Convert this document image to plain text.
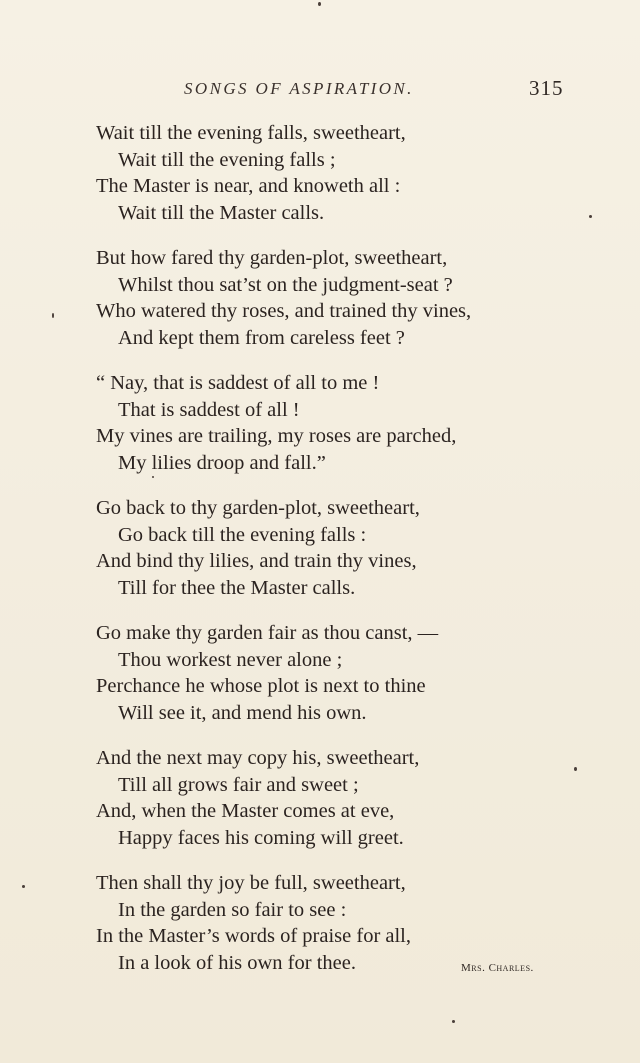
SONGS OF ASPIRATION.	315
Wait till the evening falls, sweetheart,
Wait till the evening falls ;
The Master is near, and knoweth all :
Wait till the Master calls.
But how fared thy garden-plot, sweetheart,
Whilst thou sat’st on the judgment-seat ?
Who watered thy roses, and trained thy vines,
And kept them from careless feet ?
“ Nay, that is saddest of all to me !
That is saddest of all !
My vines are trailing, my roses are parched,
My lilies droop and fall.”
Go back to thy garden-plot, sweetheart,
Go back till the evening falls :
And bind thy lilies, and train thy vines,
Till for thee the Master calls.
Go make thy garden fair as thou canst, —
Thou workest never alone ;
Perchance he whose plot is next to thine
Will see it, and mend his own.
And the next may copy his, sweetheart,
Till all grows fair and sweet ;
And, when the Master comes at eve,
Happy faces his coming will greet.
Then shall thy joy be full, sweetheart,
In the garden so fair to see :
In the Master’s words of praise for all,
In a look of his own for thee.	Mrs. Charles.
